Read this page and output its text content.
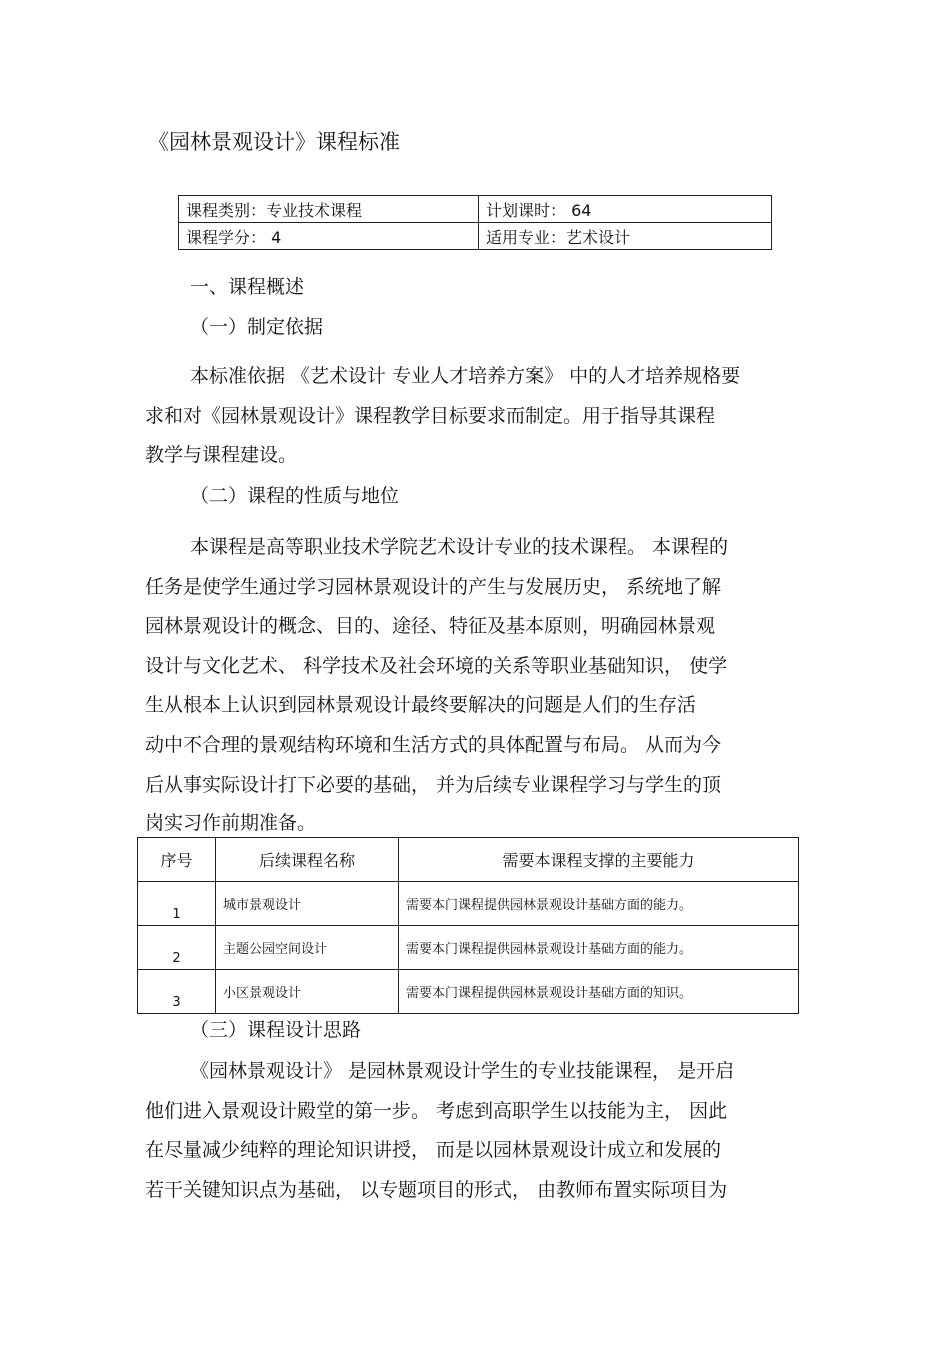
《园林景观设计》课程标准
课程类别：专业技术课程	计划课时： 64
课程学分： 4	适用专业：艺术设计
一、课程概述
（一）制定依据
本标准依据 《艺术设计 专业人才培养方案》 中的人才培养规格要
求和对《园林景观设计》课程教学目标要求而制定。用于指导其课程
教学与课程建设。
（二）课程的性质与地位
本课程是高等职业技术学院艺术设计专业的技术课程。 本课程的
任务是使学生通过学习园林景观设计的产生与发展历史， 系统地了解
园林景观设计的概念、目的、途径、特征及基本原则，明确园林景观
设计与文化艺术、 科学技术及社会环境的关系等职业基础知识， 使学
生从根本上认识到园林景观设计最终要解决的问题是人们的生存活
动中不合理的景观结构环境和生活方式的具体配置与布局。 从而为今
后从事实际设计打下必要的基础， 并为后续专业课程学习与学生的顶
岗实习作前期准备。
序号	后续课程名称	需要本课程支撑的主要能力
1	城市景观设计	需要本门课程提供园林景观设计基础方面的能力。
2	主题公园空间设计	需要本门课程提供园林景观设计基础方面的能力。
3	小区景观设计	需要本门课程提供园林景观设计基础方面的知识。
（三）课程设计思路
《园林景观设计》 是园林景观设计学生的专业技能课程， 是开启
他们进入景观设计殿堂的第一步。 考虑到高职学生以技能为主， 因此
在尽量减少纯粹的理论知识讲授， 而是以园林景观设计成立和发展的
若干关键知识点为基础， 以专题项目的形式， 由教师布置实际项目为
